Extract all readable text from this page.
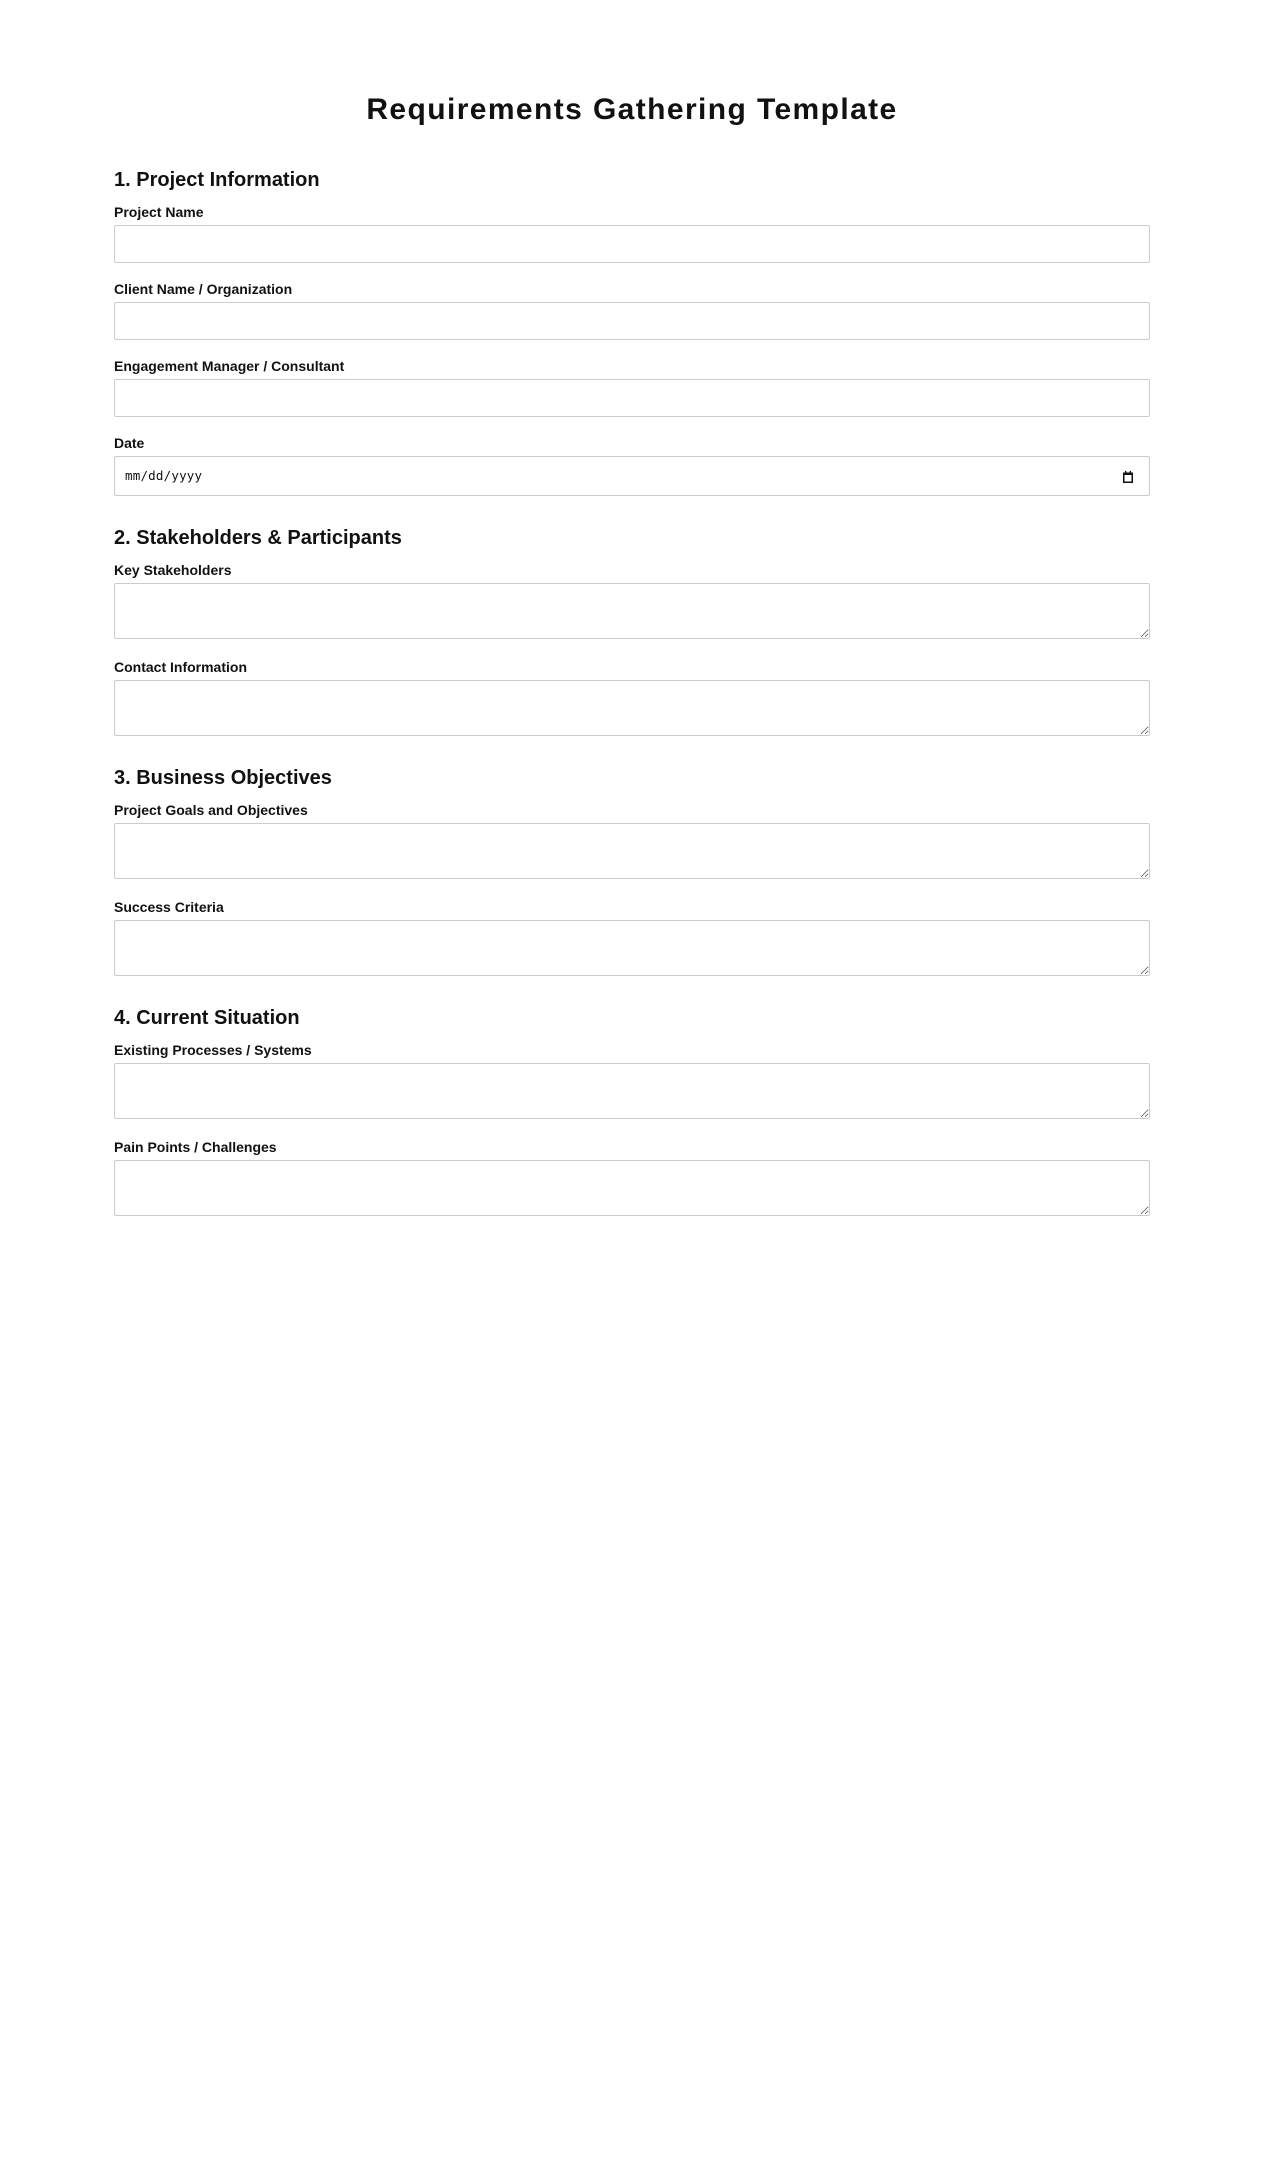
Requirements Gathering Template
1. Project Information
Project Name
Client Name / Organization
Engagement Manager / Consultant
Date
mm/dd/yyyy
2. Stakeholders & Participants
Key Stakeholders
Contact Information
3. Business Objectives
Project Goals and Objectives
Success Criteria
4. Current Situation
Existing Processes / Systems
Pain Points / Challenges
